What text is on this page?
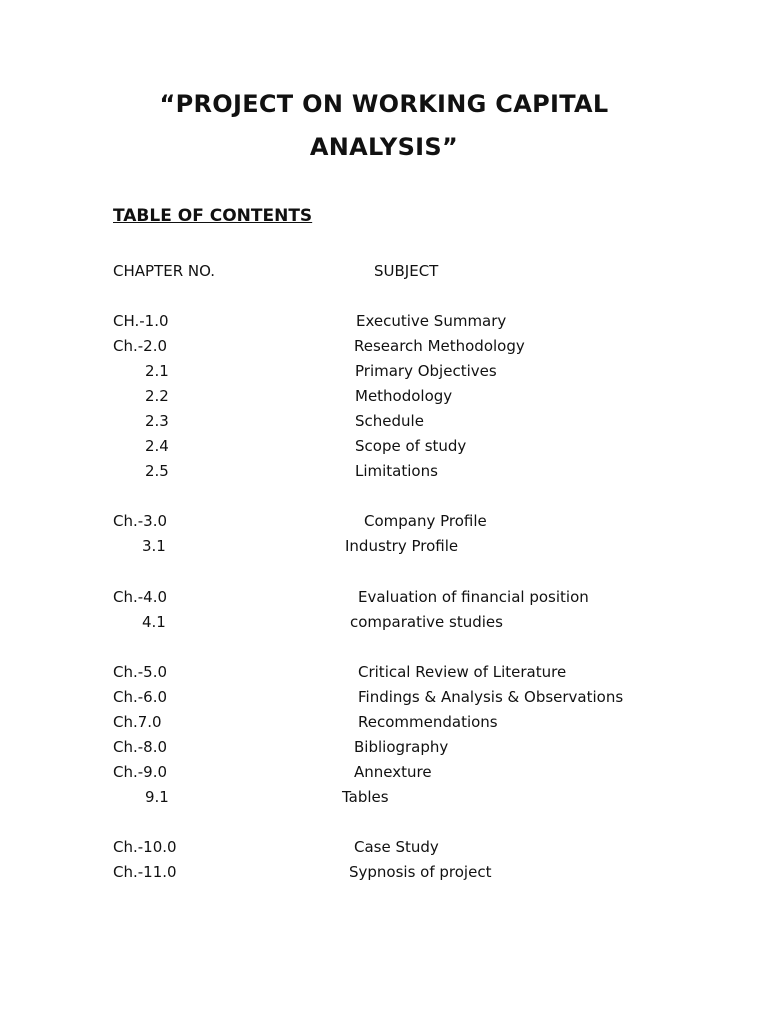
“PROJECT ON WORKING CAPITAL
ANALYSIS”
TABLE OF CONTENTS
CHAPTER NO.	SUBJECT
CH.-1.0	Executive Summary
Ch.-2.0	Research Methodology
2.1	Primary Objectives
2.2	Methodology
2.3	Schedule
2.4	Scope of study
2.5	Limitations
Ch.-3.0	Company Profile
3.1	Industry Profile
Ch.-4.0	Evaluation of financial position
4.1	comparative studies
Ch.-5.0	Critical Review of Literature
Ch.-6.0	Findings & Analysis & Observations
Ch.7.0	Recommendations
Ch.-8.0	Bibliography
Ch.-9.0	Annexture
9.1	Tables
Ch.-10.0	Case Study
Ch.-11.0	Sypnosis of project
